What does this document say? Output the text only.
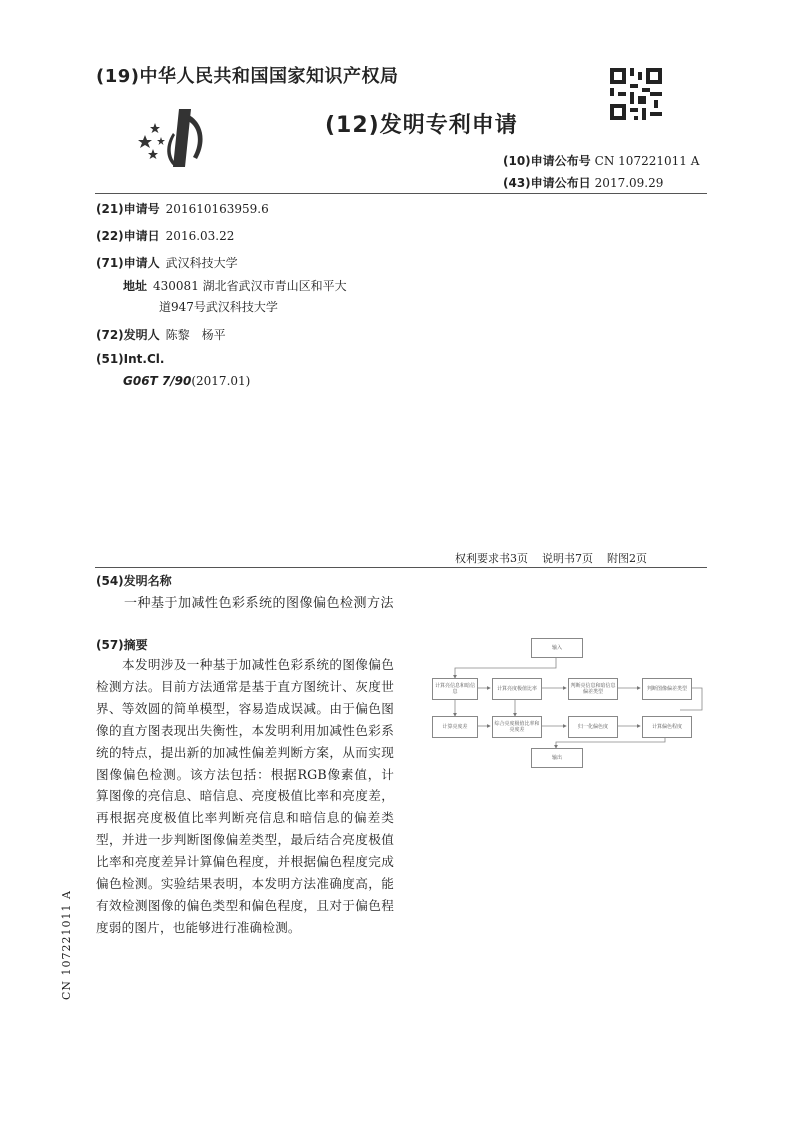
(19)中华人民共和国国家知识产权局
(12)发明专利申请
(10)申请公布号 CN 107221011 A
(43)申请公布日 2017.09.29
(21)申请号 201610163959.6
(22)申请日 2016.03.22
(71)申请人 武汉科技大学
地址 430081 湖北省武汉市青山区和平大
道947号武汉科技大学
(72)发明人 陈黎　杨平
(51)Int.Cl.
G06T 7/90(2017.01)
权利要求书3页 说明书7页 附图2页
(54)发明名称
一种基于加减性色彩系统的图像偏色检测方法
(57)摘要
本发明涉及一种基于加减性色彩系统的图像偏色检测方法。目前方法通常是基于直方图统计、灰度世界、等效圆的简单模型，容易造成误减。由于偏色图像的直方图表现出失衡性，本发明利用加减性色彩系统的特点，提出新的加减性偏差判断方案，从而实现图像偏色检测。该方法包括：根据RGB像素值，计算图像的亮信息、暗信息、亮度极值比率和亮度差，再根据亮度极值比率判断亮信息和暗信息的偏差类型，并进一步判断图像偏差类型，最后结合亮度极值比率和亮度差异计算偏色程度，并根据偏色程度完成偏色检测。实验结果表明，本发明方法准确度高，能有效检测图像的偏色类型和偏色程度，且对于偏色程度弱的图片，也能够进行准确检测。
CN 107221011 A
输入
计算亮信息和暗信息	计算亮度极值比率	判断亮信息和暗信息偏差类型	判断图像偏差类型
计算亮度差	综合亮度极值比率和亮度差	归一化偏色度	计算偏色程度
输出
